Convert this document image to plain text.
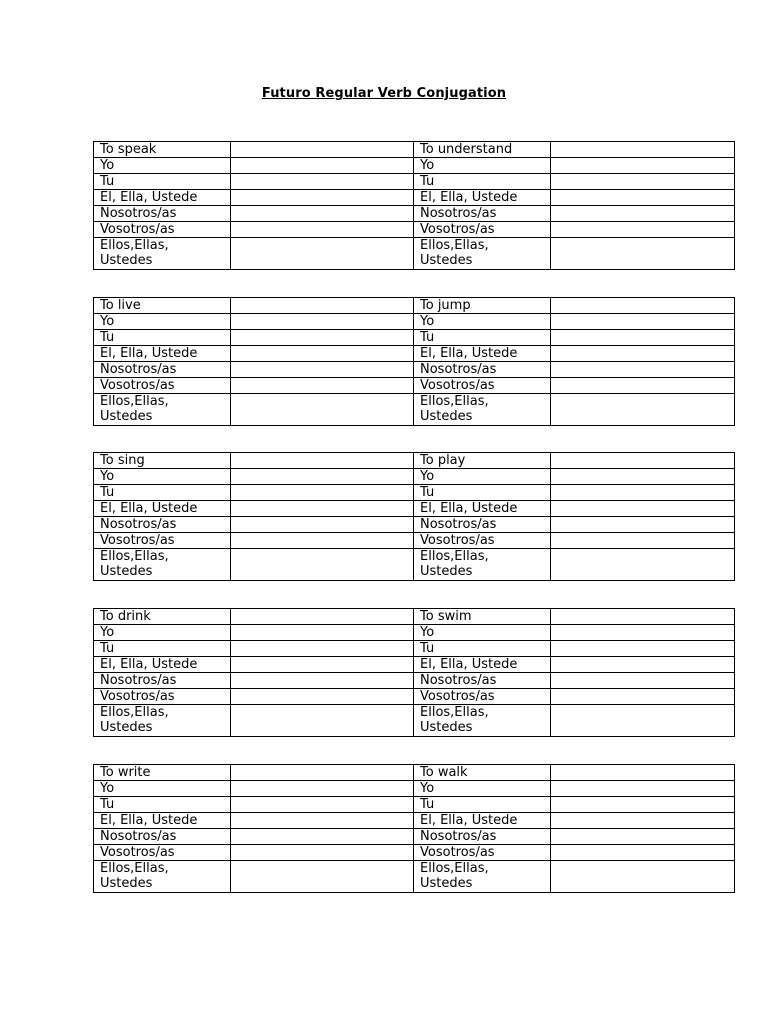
Futuro Regular Verb Conjugation
To speak		To understand	
Yo		Yo	
Tu		Tu	
El, Ella, Ustede		El, Ella, Ustede	
Nosotros/as		Nosotros/as	
Vosotros/as		Vosotros/as	
Ellos,Ellas, Ustedes		Ellos,Ellas, Ustedes	
To live		To jump	
Yo		Yo	
Tu		Tu	
El, Ella, Ustede		El, Ella, Ustede	
Nosotros/as		Nosotros/as	
Vosotros/as		Vosotros/as	
Ellos,Ellas, Ustedes		Ellos,Ellas, Ustedes	
To sing		To play	
Yo		Yo	
Tu		Tu	
El, Ella, Ustede		El, Ella, Ustede	
Nosotros/as		Nosotros/as	
Vosotros/as		Vosotros/as	
Ellos,Ellas, Ustedes		Ellos,Ellas, Ustedes	
To drink		To swim	
Yo		Yo	
Tu		Tu	
El, Ella, Ustede		El, Ella, Ustede	
Nosotros/as		Nosotros/as	
Vosotros/as		Vosotros/as	
Ellos,Ellas, Ustedes		Ellos,Ellas, Ustedes	
To write		To walk	
Yo		Yo	
Tu		Tu	
El, Ella, Ustede		El, Ella, Ustede	
Nosotros/as		Nosotros/as	
Vosotros/as		Vosotros/as	
Ellos,Ellas, Ustedes		Ellos,Ellas, Ustedes	
